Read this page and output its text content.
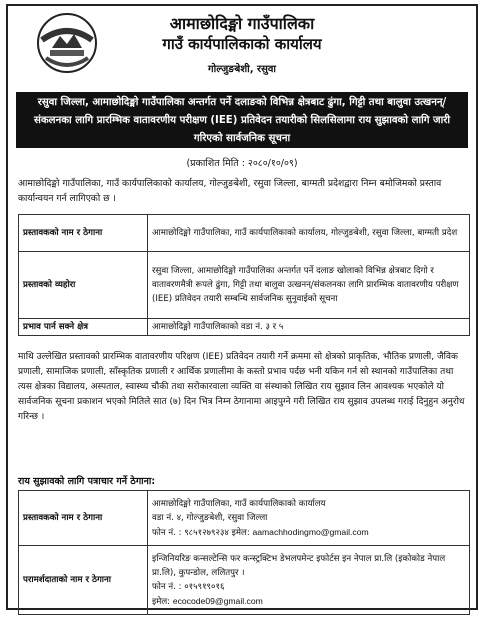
आमाछोदिङ्मो गाउँपालिका
गाउँ कार्यपालिकाको कार्यालय
गोल्जुङबेशी, रसुवा
रसुवा जिल्ला, आमाछोदिङ्मो गाउँपालिका अन्तर्गत पर्ने दलाङको विभिन्न क्षेत्रबाट ढुंगा, गिट्टी तथा बालुवा उत्खनन्/संकलनका लागि प्रारम्भिक वातावरणीय परीक्षण (IEE) प्रतिवेदन तयारीको सिलसिलामा राय सुझावको लागि जारी गरिएको सार्वजनिक सूचना
(प्रकाशित मिति : २०८०/१०/०९)
आमाछोदिङ्मो गाउँपालिका, गाउँ कार्यपालिकाको कार्यालय, गोल्जुङबेशी, रसुवा जिल्ला, बाग्मती प्रदेशद्वारा निम्न बमोजिमको प्रस्ताव कार्यान्वयन गर्न लागिएको छ ।
प्रस्तावकको नाम र ठेगाना	आमाछोदिङ्मो गाउँपालिका, गाउँ कार्यपालिकाको कार्यालय, गोल्जुङबेशी, रसुवा जिल्ला, बाग्मती प्रदेश
प्रस्तावको व्यहोरा	रसुवा जिल्ला, आमाछोदिङ्मो गाउँपालिका अन्तर्गत पर्ने दलाङ खोलाको विभिन्न क्षेत्रबाट दिगो र वातावरणमैत्री रूपले ढुंगा, गिट्टी तथा बालुवा उत्खनन्/संकलनका लागि प्रारम्भिक वातावरणीय परीक्षण (IEE) प्रतिवेदन तयारी सम्बन्धि सार्वजनिक सुनुवाईको सूचना
प्रभाव पार्न सक्ने क्षेत्र	आमाछोदिङ्मो गाउँपालिकाको वडा नं. ३ र ५
माथि उल्लेखित प्रस्तावको प्रारम्भिक वातावरणीय परिक्षण (IEE) प्रतिवेदन तयारी गर्ने क्रममा सो क्षेत्रको प्राकृतिक, भौतिक प्रणाली, जैविक प्रणाली, सामाजिक प्रणाली, साँस्कृतिक प्रणाली र आर्थिक प्रणालीमा के कस्तो प्रभाव पर्दछ भनी यकिन गर्न सो स्थानको गाउँपालिका तथा त्यस क्षेत्रका विद्यालय, अस्पताल, स्वास्थ्य चौकी तथा सरोकारवाला व्यक्ति वा संस्थाको लिखित राय सुझाव लिन आवश्यक भएकोले यो सार्वजनिक सूचना प्रकाशन भएको मितिले सात (७) दिन भित्र निम्न ठेगानामा आइपुग्ने गरी लिखित राय सुझाव उपलब्ध गराई दिनुहुन अनुरोध गरिन्छ ।
राय सुझावको लागि पत्राचार गर्ने ठेगाना:
प्रस्तावकको नाम र ठेगाना	आमाछोदिङ्मो गाउँपालिका, गाउँ कार्यपालिकाको कार्यालय
वडा नं. ४, गोल्जुङबेशी, रसुवा जिल्ला
फोन नं. : ९८५१२७९२३४ इमेल: aamachhodingmo@gmail.com

परामर्शदाताको नाम र ठेगाना	इन्जिनियरिङ कन्सल्टेन्सि फर कन्स्ट्रक्टिभ डेभलपमेन्ट इफोर्टस इन नेपाल प्रा.लि (इकोकोड नेपाल प्रा.लि), कुपन्डोल, ललितपुर ।
फोन नं. : ०१५९१९०१६
इमेल: ecocode09@gmail.com
